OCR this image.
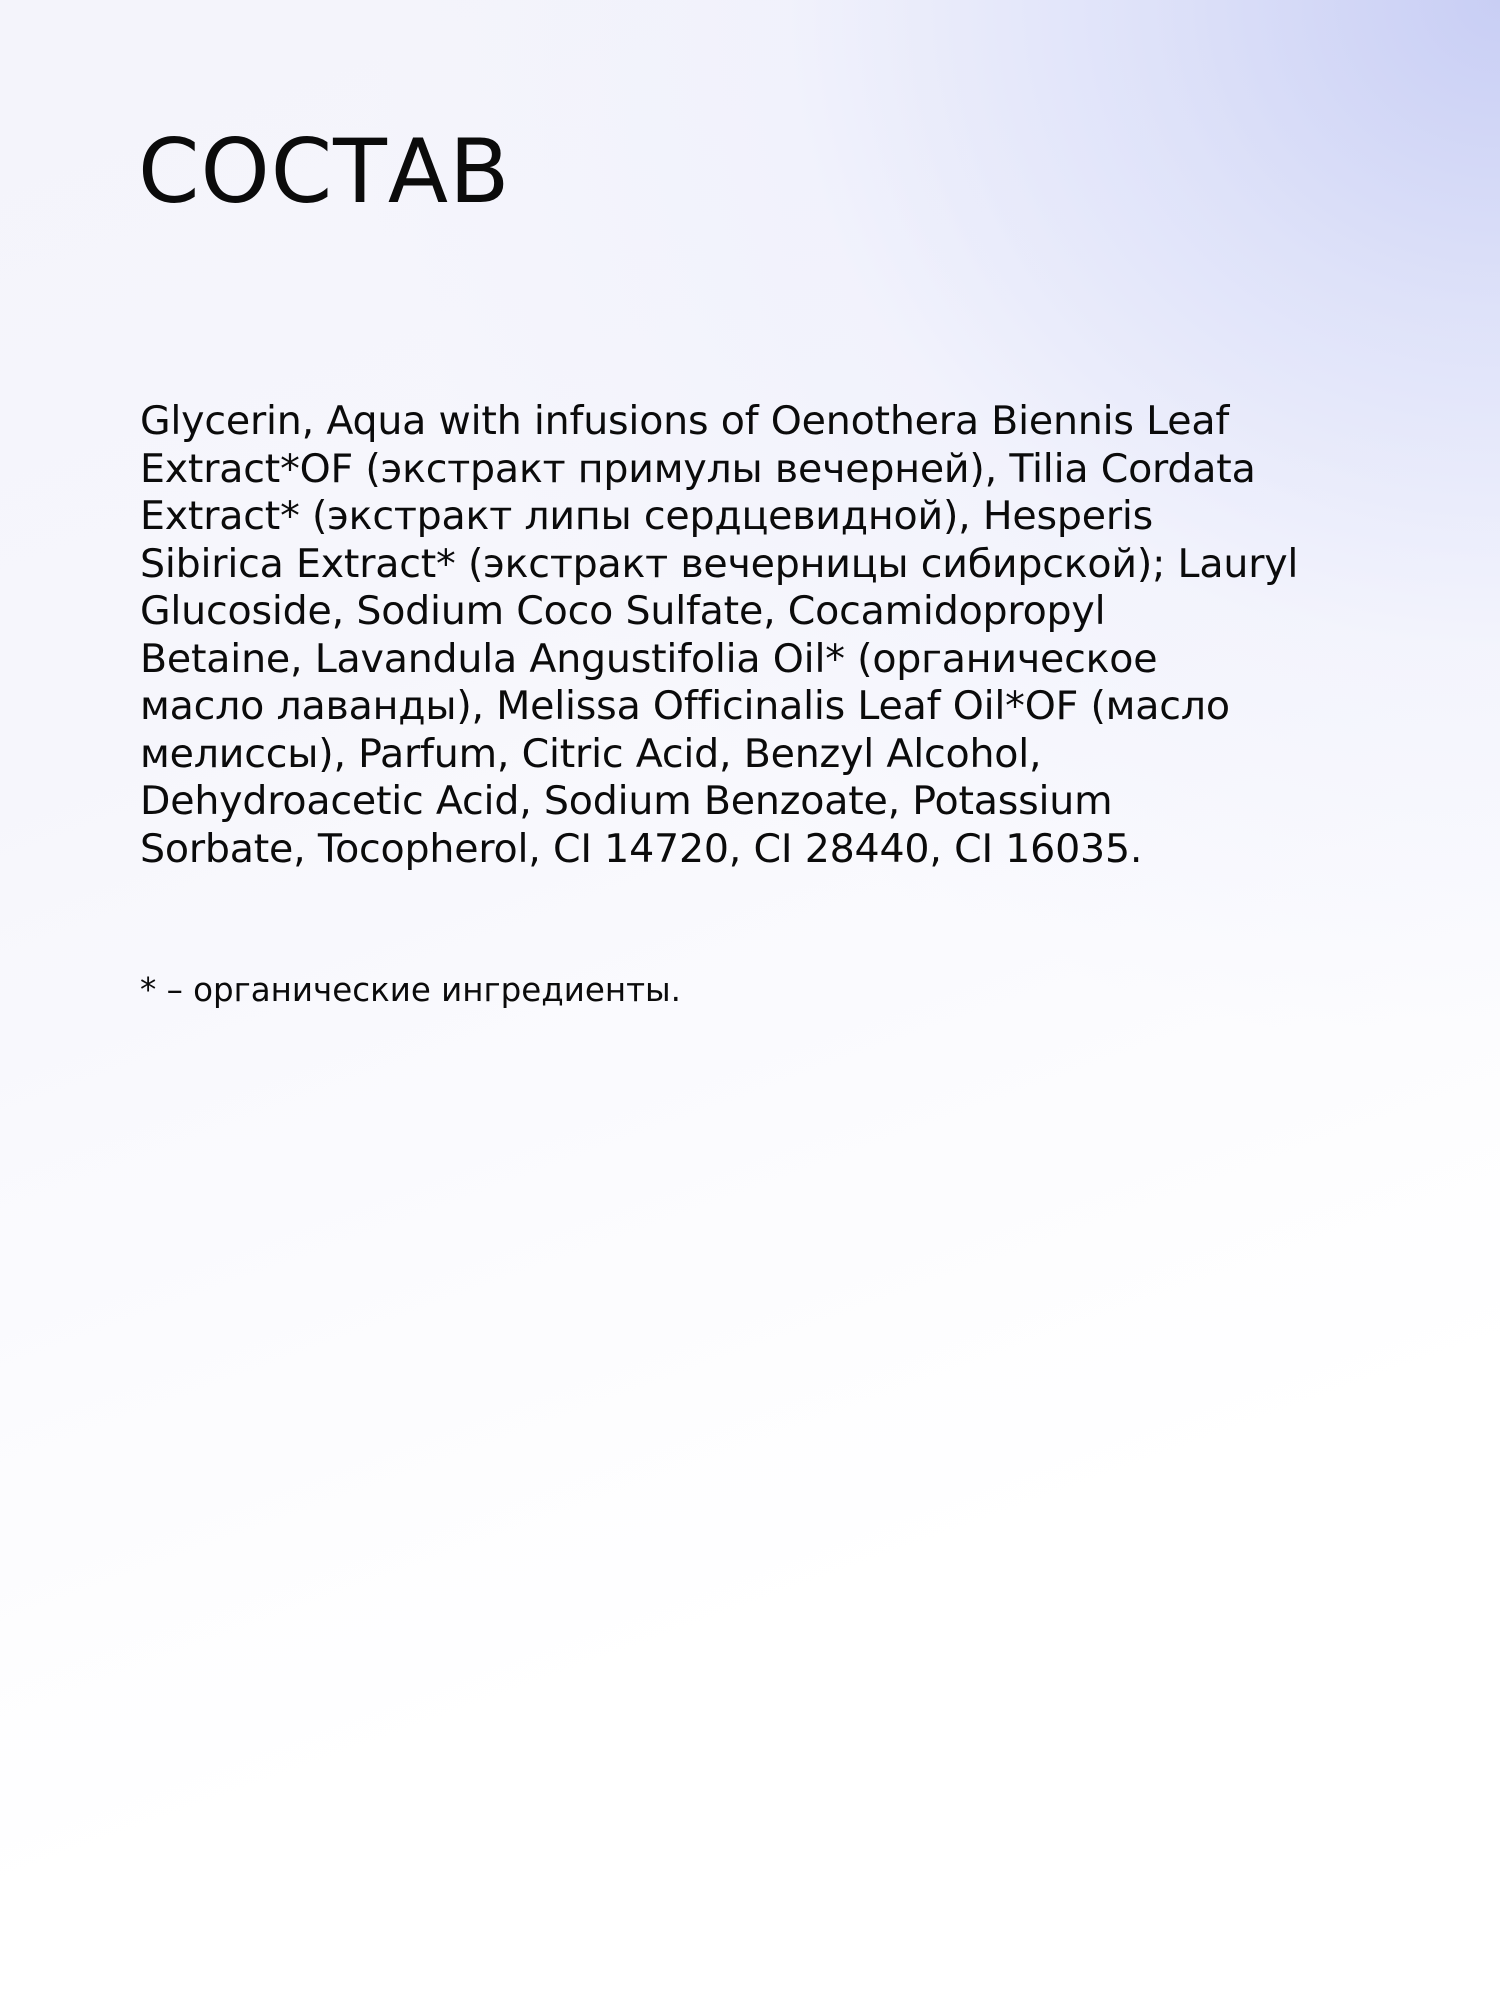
СОСТАВ
Glycerin, Aqua with infusions of Oenothera Biennis Leaf
Extract*OF (экстракт примулы вечерней), Tilia Cordata
Extract* (экстракт липы сердцевидной), Hesperis
Sibirica Extract* (экстракт вечерницы сибирской); Lauryl
Glucoside, Sodium Coco Sulfate, Cocamidopropyl
Betaine, Lavandula Angustifolia Oil* (органическое
масло лаванды), Melissa Officinalis Leaf Oil*OF (масло
мелиссы), Parfum, Citric Acid, Benzyl Alcohol,
Dehydroacetic Acid, Sodium Benzoate, Potassium
Sorbate, Tocopherol, CI 14720, CI 28440, CI 16035.

* – органические ингредиенты.
